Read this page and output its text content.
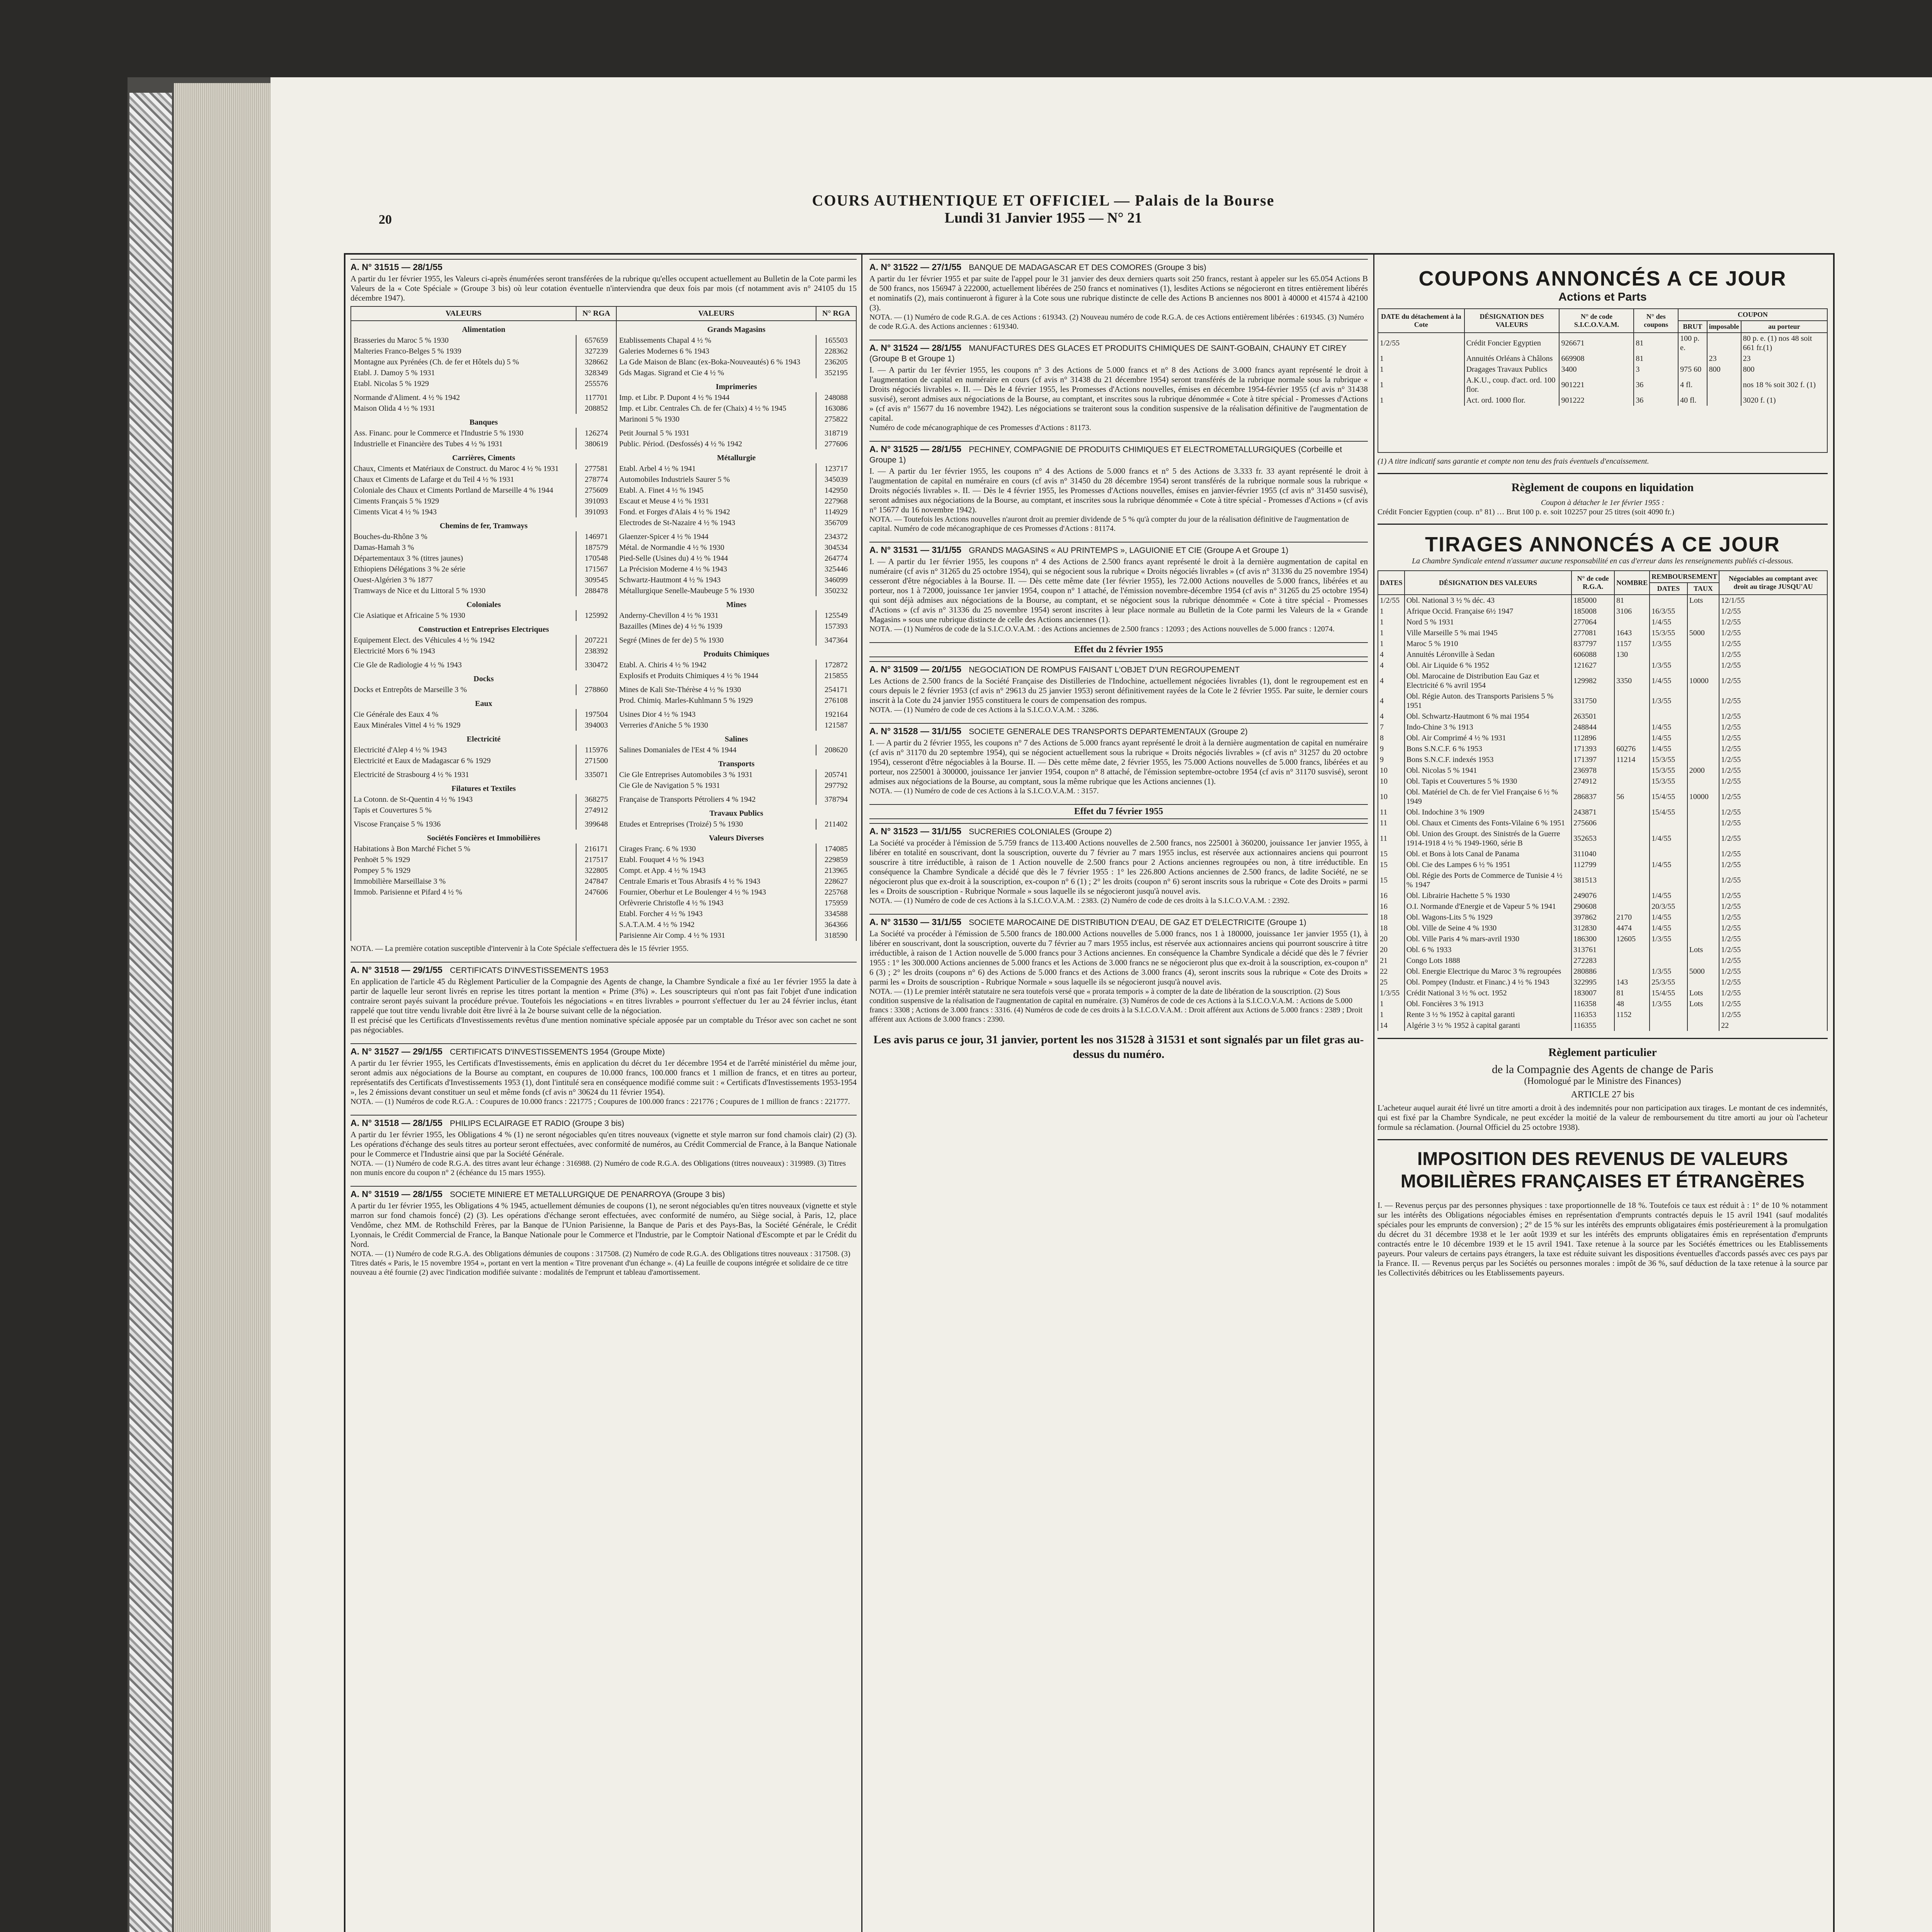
20
COURS AUTHENTIQUE ET OFFICIEL — Palais de la Bourse
Lundi 31 Janvier 1955 — N° 21
A. N° 31515 — 28/1/55
A partir du 1er février 1955, les Valeurs ci-après énumérées seront transférées de la rubrique qu'elles occupent actuellement au Bulletin de la Cote parmi les Valeurs de la « Cote Spéciale » (Groupe 3 bis) où leur cotation éventuelle n'interviendra que deux fois par mois (cf notamment avis n° 24105 du 15 décembre 1947).
VALEURS	N° RGA	VALEURS	N° RGA
Alimentation		Grands Magasins	
Brasseries du Maroc 5 % 1930	657659	Etablissements Chapal 4 ½ %	165503
Malteries Franco-Belges 5 % 1939	327239	Galeries Modernes 6 % 1943	228362
Montagne aux Pyrénées (Ch. de fer et Hôtels du) 5 %	328662	La Gde Maison de Blanc (ex-Boka-Nouveautés) 6 % 1943	236205
Etabl. J. Damoy 5 % 1931	328349	Gds Magas. Sigrand et Cie 4 ½ %	352195
Etabl. Nicolas 5 % 1929	255576	Imprimeries	
Normande d'Aliment. 4 ½ % 1942	117701	Imp. et Libr. P. Dupont 4 ½ % 1944	248088
Maison Olida 4 ½ % 1931	208852	Imp. et Libr. Centrales Ch. de fer (Chaix) 4 ½ % 1945	163086
Banques		Marinoni 5 % 1930	275822
Ass. Financ. pour le Commerce et l'Industrie 5 % 1930	126274	Petit Journal 5 % 1931	318719
Industrielle et Financière des Tubes 4 ½ % 1931	380619	Public. Périod. (Desfossés) 4 ½ % 1942	277606
Carrières, Ciments		Métallurgie	
Chaux, Ciments et Matériaux de Construct. du Maroc 4 ½ % 1931	277581	Etabl. Arbel 4 ½ % 1941	123717
Chaux et Ciments de Lafarge et du Teil 4 ½ % 1931	278774	Automobiles Industriels Saurer 5 %	345039
Coloniale des Chaux et Ciments Portland de Marseille 4 % 1944	275609	Etabl. A. Finet 4 ½ % 1945	142950
Ciments Français 5 % 1929	391093	Escaut et Meuse 4 ½ % 1931	227968
Ciments Vicat 4 ½ % 1943	391093	Fond. et Forges d'Alais 4 ½ % 1942	114929
Chemins de fer, Tramways		Electrodes de St-Nazaire 4 ½ % 1943	356709
Bouches-du-Rhône 3 %	146971	Glaenzer-Spicer 4 ½ % 1944	234372
Damas-Hamah 3 %	187579	Métal. de Normandie 4 ½ % 1930	304534
Départementaux 3 % (titres jaunes)	170548	Pied-Selle (Usines du) 4 ½ % 1944	264774
Ethiopiens Délégations 3 % 2e série	171567	La Précision Moderne 4 ½ % 1943	325446
Ouest-Algérien 3 % 1877	309545	Schwartz-Hautmont 4 ½ % 1943	346099
Tramways de Nice et du Littoral 5 % 1930	288478	Métallurgique Senelle-Maubeuge 5 % 1930	350232
Coloniales		Mines	
Cie Asiatique et Africaine 5 % 1930	125992	Anderny-Chevillon 4 ½ % 1931	125549
Construction et Entreprises Electriques		Bazailles (Mines de) 4 ½ % 1939	157393
Equipement Elect. des Véhicules 4 ½ % 1942	207221	Segré (Mines de fer de) 5 % 1930	347364
Electricité Mors 6 % 1943	238392	Produits Chimiques	
Cie Gle de Radiologie 4 ½ % 1943	330472	Etabl. A. Chiris 4 ½ % 1942	172872
Docks		Explosifs et Produits Chimiques 4 ½ % 1944	215855
Docks et Entrepôts de Marseille 3 %	278860	Mines de Kali Ste-Thérèse 4 ½ % 1930	254171
Eaux		Prod. Chimiq. Marles-Kuhlmann 5 % 1929	276108
Cie Générale des Eaux 4 %	197504	Usines Dior 4 ½ % 1943	192164
Eaux Minérales Vittel 4 ½ % 1929	394003	Verreries d'Aniche 5 % 1930	121587
Electricité		Salines	
Electricité d'Alep 4 ½ % 1943	115976	Salines Domaniales de l'Est 4 % 1944	208620
Electricité et Eaux de Madagascar 6 % 1929	271500	Transports	
Electricité de Strasbourg 4 ½ % 1931	335071	Cie Gle Entreprises Automobiles 3 % 1931	205741
Filatures et Textiles		Cie Gle de Navigation 5 % 1931	297792
La Cotonn. de St-Quentin 4 ½ % 1943	368275	Française de Transports Pétroliers 4 % 1942	378794
Tapis et Couvertures 5 %	274912	Travaux Publics	
Viscose Française 5 % 1936	399648	Etudes et Entreprises (Troizé) 5 % 1930	211402
Sociétés Foncières et Immobilières		Valeurs Diverses	
Habitations à Bon Marché Fichet 5 %	216171	Cirages Franç. 6 % 1930	174085
Penhoët 5 % 1929	217517	Etabl. Fouquet 4 ½ % 1943	229859
Pompey 5 % 1929	322805	Compt. et App. 4 ½ % 1943	213965
Immobilière Marseillaise 3 %	247847	Centrale Emaris et Tous Abrasifs 4 ½ % 1943	228627
Immob. Parisienne et Pifard 4 ½ %	247606	Fournier, Oberhur et Le Boulenger 4 ½ % 1943	225768
		Orfèvrerie Christofle 4 ½ % 1943	175959
		Etabl. Forcher 4 ½ % 1943	334588
		S.A.T.A.M. 4 ½ % 1942	364366
		Parisienne Air Comp. 4 ½ % 1931	318590
NOTA. — La première cotation susceptible d'intervenir à la Cote Spéciale s'effectuera dès le 15 février 1955.
A. N° 31518 — 29/1/55 CERTIFICATS D'INVESTISSEMENTS 1953
En application de l'article 45 du Règlement Particulier de la Compagnie des Agents de change, la Chambre Syndicale a fixé au 1er février 1955 la date à partir de laquelle leur seront livrés en reprise les titres portant la mention « Prime (3%) ». Les souscripteurs qui n'ont pas fait l'objet d'une indication contraire seront payés suivant la procédure prévue. Toutefois les négociations « en titres livrables » pourront s'effectuer du 1er au 24 février inclus, étant rappelé que tout titre vendu livrable doit être livré à la 2e bourse suivant celle de la négociation.
Il est précisé que les Certificats d'Investissements revêtus d'une mention nominative spéciale apposée par un comptable du Trésor avec son cachet ne sont pas négociables.
A. N° 31527 — 29/1/55 CERTIFICATS D'INVESTISSEMENTS 1954 (Groupe Mixte)
A partir du 1er février 1955, les Certificats d'Investissements, émis en application du décret du 1er décembre 1954 et de l'arrêté ministériel du même jour, seront admis aux négociations de la Bourse au comptant, en coupures de 10.000 francs, 100.000 francs et 1 million de francs, et en titres au porteur, représentatifs des Certificats d'Investissements 1953 (1), dont l'intitulé sera en conséquence modifié comme suit : « Certificats d'Investissements 1953-1954 », les 2 émissions devant constituer un seul et même fonds (cf avis n° 30624 du 11 février 1954).
NOTA. — (1) Numéros de code R.G.A. : Coupures de 10.000 francs : 221775 ; Coupures de 100.000 francs : 221776 ; Coupures de 1 million de francs : 221777.
A. N° 31518 — 28/1/55 PHILIPS ECLAIRAGE ET RADIO (Groupe 3 bis)
A partir du 1er février 1955, les Obligations 4 % (1) ne seront négociables qu'en titres nouveaux (vignette et style marron sur fond chamois clair) (2) (3). Les opérations d'échange des seuls titres au porteur seront effectuées, avec conformité de numéros, au Crédit Commercial de France, à la Banque Nationale pour le Commerce et l'Industrie ainsi que par la Société Générale.
NOTA. — (1) Numéro de code R.G.A. des titres avant leur échange : 316988. (2) Numéro de code R.G.A. des Obligations (titres nouveaux) : 319989. (3) Titres non munis encore du coupon n° 2 (échéance du 15 mars 1955).
A. N° 31519 — 28/1/55 SOCIETE MINIERE ET METALLURGIQUE DE PENARROYA (Groupe 3 bis)
A partir du 1er février 1955, les Obligations 4 % 1945, actuellement démunies de coupons (1), ne seront négociables qu'en titres nouveaux (vignette et style marron sur fond chamois foncé) (2) (3). Les opérations d'échange seront effectuées, avec conformité de numéro, au Siège social, à Paris, 12, place Vendôme, chez MM. de Rothschild Frères, par la Banque de l'Union Parisienne, la Banque de Paris et des Pays-Bas, la Société Générale, le Crédit Lyonnais, le Crédit Commercial de France, la Banque Nationale pour le Commerce et l'Industrie, par le Comptoir National d'Escompte et par le Crédit du Nord.
NOTA. — (1) Numéro de code R.G.A. des Obligations démunies de coupons : 317508. (2) Numéro de code R.G.A. des Obligations titres nouveaux : 317508. (3) Titres datés « Paris, le 15 novembre 1954 », portant en vert la mention « Titre provenant d'un échange ». (4) La feuille de coupons intégrée et solidaire de ce titre nouveau a été fournie (2) avec l'indication modifiée suivante : modalités de l'emprunt et tableau d'amortissement.
A. N° 31522 — 27/1/55 BANQUE DE MADAGASCAR ET DES COMORES (Groupe 3 bis)
A partir du 1er février 1955 et par suite de l'appel pour le 31 janvier des deux derniers quarts soit 250 francs, restant à appeler sur les 65.054 Actions B de 500 francs, nos 156947 à 222000, actuellement libérées de 250 francs et nominatives (1), lesdites Actions se négocieront en titres entièrement libérés et nominatifs (2), mais continueront à figurer à la Cote sous une rubrique distincte de celle des Actions B anciennes nos 8001 à 40000 et 41574 à 42100 (3).
NOTA. — (1) Numéro de code R.G.A. de ces Actions : 619343. (2) Nouveau numéro de code R.G.A. de ces Actions entièrement libérées : 619345. (3) Numéro de code R.G.A. des Actions anciennes : 619340.
A. N° 31524 — 28/1/55 MANUFACTURES DES GLACES ET PRODUITS CHIMIQUES DE SAINT-GOBAIN, CHAUNY ET CIREY (Groupe B et Groupe 1)
I. — A partir du 1er février 1955, les coupons n° 3 des Actions de 5.000 francs et n° 8 des Actions de 3.000 francs ayant représenté le droit à l'augmentation de capital en numéraire en cours (cf avis n° 31438 du 21 décembre 1954) seront transférés de la rubrique normale sous la rubrique « Droits négociés livrables ». II. — Dès le 4 février 1955, les Promesses d'Actions nouvelles, émises en décembre 1954-février 1955 (cf avis n° 31438 susvisé), seront admises aux négociations de la Bourse, au comptant, et inscrites sous la rubrique dénommée « Cote à titre spécial - Promesses d'Actions » (cf avis n° 15677 du 16 novembre 1942). Les négociations se traiteront sous la condition suspensive de la réalisation définitive de l'augmentation de capital.
Numéro de code mécanographique de ces Promesses d'Actions : 81173.
A. N° 31525 — 28/1/55 PECHINEY, COMPAGNIE DE PRODUITS CHIMIQUES ET ELECTROMETALLURGIQUES (Corbeille et Groupe 1)
I. — A partir du 1er février 1955, les coupons n° 4 des Actions de 5.000 francs et n° 5 des Actions de 3.333 fr. 33 ayant représenté le droit à l'augmentation de capital en numéraire en cours (cf avis n° 31450 du 28 décembre 1954) seront transférés de la rubrique normale sous la rubrique « Droits négociés livrables ». II. — Dès le 4 février 1955, les Promesses d'Actions nouvelles, émises en janvier-février 1955 (cf avis n° 31450 susvisé), seront admises aux négociations de la Bourse, au comptant, et inscrites sous la rubrique dénommée « Cote à titre spécial - Promesses d'Actions » (cf avis n° 15677 du 16 novembre 1942).
NOTA. — Toutefois les Actions nouvelles n'auront droit au premier dividende de 5 % qu'à compter du jour de la réalisation définitive de l'augmentation de capital. Numéro de code mécanographique de ces Promesses d'Actions : 81174.
A. N° 31531 — 31/1/55 GRANDS MAGASINS « AU PRINTEMPS », LAGUIONIE ET CIE (Groupe A et Groupe 1)
I. — A partir du 1er février 1955, les coupons n° 4 des Actions de 2.500 francs ayant représenté le droit à la dernière augmentation de capital en numéraire (cf avis n° 31265 du 25 octobre 1954), qui se négocient sous la rubrique « Droits négociés livrables » (cf avis n° 31336 du 25 novembre 1954) cesseront d'être négociables à la Bourse. II. — Dès cette même date (1er février 1955), les 72.000 Actions nouvelles de 5.000 francs, libérées et au porteur, nos 1 à 72000, jouissance 1er janvier 1954, coupon n° 1 attaché, de l'émission novembre-décembre 1954 (cf avis n° 31265 du 25 octobre 1954) qui sont déjà admises aux négociations de la Bourse, au comptant, et se négocient sous la rubrique dénommée « Cote à titre spécial - Promesses d'Actions » (cf avis n° 31336 du 25 novembre 1954) seront inscrites à leur place normale au Bulletin de la Cote parmi les Valeurs de la « Grande Magasins » sous une rubrique distincte de celle des Actions anciennes (1).
NOTA. — (1) Numéros de code de la S.I.C.O.V.A.M. : des Actions anciennes de 2.500 francs : 12093 ; des Actions nouvelles de 5.000 francs : 12074.
Effet du 2 février 1955
A. N° 31509 — 20/1/55 NEGOCIATION DE ROMPUS FAISANT L'OBJET D'UN REGROUPEMENT
Les Actions de 2.500 francs de la Société Française des Distilleries de l'Indochine, actuellement négociées livrables (1), dont le regroupement est en cours depuis le 2 février 1953 (cf avis n° 29613 du 25 janvier 1953) seront définitivement rayées de la Cote le 2 février 1955. Par suite, le dernier cours inscrit à la Cote du 24 janvier 1955 constituera le cours de compensation des rompus.
NOTA. — (1) Numéro de code de ces Actions à la S.I.C.O.V.A.M. : 3286.
A. N° 31528 — 31/1/55 SOCIETE GENERALE DES TRANSPORTS DEPARTEMENTAUX (Groupe 2)
I. — A partir du 2 février 1955, les coupons n° 7 des Actions de 5.000 francs ayant représenté le droit à la dernière augmentation de capital en numéraire (cf avis n° 31170 du 20 septembre 1954), qui se négocient actuellement sous la rubrique « Droits négociés livrables » (cf avis n° 31257 du 20 octobre 1954), cesseront d'être négociables à la Bourse. II. — Dès cette même date, 2 février 1955, les 75.000 Actions nouvelles de 5.000 francs, libérées et au porteur, nos 225001 à 300000, jouissance 1er janvier 1954, coupon n° 8 attaché, de l'émission septembre-octobre 1954 (cf avis n° 31170 susvisé), seront admises aux négociations de la Bourse, au comptant, sous la même rubrique que les Actions anciennes (1).
NOTA. — (1) Numéro de code de ces Actions à la S.I.C.O.V.A.M. : 3157.
Effet du 7 février 1955
A. N° 31523 — 31/1/55 SUCRERIES COLONIALES (Groupe 2)
La Société va procéder à l'émission de 5.759 francs de 113.400 Actions nouvelles de 2.500 francs, nos 225001 à 360200, jouissance 1er janvier 1955, à libérer en totalité en souscrivant, dont la souscription, ouverte du 7 février au 7 mars 1955 inclus, est réservée aux actionnaires anciens qui pourront souscrire à titre irréductible, à raison de 1 Action nouvelle de 2.500 francs pour 2 Actions anciennes regroupées ou non, à titre irréductible. En conséquence la Chambre Syndicale a décidé que dès le 7 février 1955 : 1° les 226.800 Actions anciennes de 2.500 francs, de ladite Société, ne se négocieront plus que ex-droit à la souscription, ex-coupon n° 6 (1) ; 2° les droits (coupon n° 6) seront inscrits sous la rubrique « Cote des Droits » parmi les « Droits de souscription - Rubrique Normale » sous laquelle ils se négocieront jusqu'à nouvel avis.
NOTA. — (1) Numéro de code de ces Actions à la S.I.C.O.V.A.M. : 2383. (2) Numéro de code de ces droits à la S.I.C.O.V.A.M. : 2392.
A. N° 31530 — 31/1/55 SOCIETE MAROCAINE DE DISTRIBUTION D'EAU, DE GAZ ET D'ELECTRICITE (Groupe 1)
La Société va procéder à l'émission de 5.500 francs de 180.000 Actions nouvelles de 5.000 francs, nos 1 à 180000, jouissance 1er janvier 1955 (1), à libérer en souscrivant, dont la souscription, ouverte du 7 février au 7 mars 1955 inclus, est réservée aux actionnaires anciens qui pourront souscrire à titre irréductible, à raison de 1 Action nouvelle de 5.000 francs pour 3 Actions anciennes. En conséquence la Chambre Syndicale a décidé que dès le 7 février 1955 : 1° les 300.000 Actions anciennes de 5.000 francs et les Actions de 3.000 francs ne se négocieront plus que ex-droit à la souscription, ex-coupon n° 6 (3) ; 2° les droits (coupons n° 6) des Actions de 5.000 francs et des Actions de 3.000 francs (4), seront inscrits sous la rubrique « Cote des Droits » parmi les « Droits de souscription - Rubrique Normale » sous laquelle ils se négocieront jusqu'à nouvel avis.
NOTA. — (1) Le premier intérêt statutaire ne sera toutefois versé que « prorata temporis » à compter de la date de libération de la souscription. (2) Sous condition suspensive de la réalisation de l'augmentation de capital en numéraire. (3) Numéros de code de ces Actions à la S.I.C.O.V.A.M. : Actions de 5.000 francs : 3308 ; Actions de 3.000 francs : 3316. (4) Numéros de code de ces droits à la S.I.C.O.V.A.M. : Droit afférent aux Actions de 5.000 francs : 2389 ; Droit afférent aux Actions de 3.000 francs : 2390.
Les avis parus ce jour, 31 janvier, portent les nos 31528 à 31531 et sont signalés par un filet gras au-dessus du numéro.
COUPONS ANNONCÉS A CE JOUR
Actions et Parts
DATE du détachement à la Cote	DÉSIGNATION DES VALEURS	N° de code S.I.C.O.V.A.M.	N° des coupons	COUPON		
				BRUT	imposable	au porteur
1/2/55	Crédit Foncier Egyptien	926671	81	100 p. e.		80 p. e. (1) nos 48 soit 661 fr.(1)
1	Annuités Orléans à Châlons	669908	81		23	23
1	Dragages Travaux Publics	3400	3	975 60	800	800
1	A.K.U., coup. d'act. ord. 100 flor.	901221	36	4 fl.		nos 18 % soit 302 f. (1)
1	Act. ord. 1000 flor.	901222	36	40 fl.		3020 f. (1)
(1) A titre indicatif sans garantie et compte non tenu des frais éventuels d'encaissement.
Règlement de coupons en liquidation
Coupon à détacher le 1er février 1955 :
Crédit Foncier Egyptien (coup. n° 81) … Brut 100 p. e. soit 102257 pour 25 titres (soit 4090 fr.)
TIRAGES ANNONCÉS A CE JOUR
La Chambre Syndicale entend n'assumer aucune responsabilité en cas d'erreur dans les renseignements publiés ci-dessous.
DATES	DÉSIGNATION DES VALEURS	N° de code R.G.A.	NOMBRE	REMBOURSEMENT		Négociables au comptant avec droit au tirage JUSQU'AU
				DATES	TAUX	
1/2/55	Obl. National 3 ½ % déc. 43	185000	81		Lots	12/1/55
1	Afrique Occid. Française 6½ 1947	185008	3106	16/3/55		1/2/55
1	Nord 5 % 1931	277064		1/4/55		1/2/55
1	Ville Marseille 5 % mai 1945	277081	1643	15/3/55	5000	1/2/55
1	Maroc 5 % 1910	837797	1157	1/3/55		1/2/55
4	Annuités Léronville à Sedan	606088	130			1/2/55
4	Obl. Air Liquide 6 % 1952	121627		1/3/55		1/2/55
4	Obl. Marocaine de Distribution Eau Gaz et Electricité 6 % avril 1954	129982	3350	1/4/55	10000	1/2/55
4	Obl. Régie Auton. des Transports Parisiens 5 % 1951	331750		1/3/55		1/2/55
4	Obl. Schwartz-Hautmont 6 % mai 1954	263501				1/2/55
7	Indo-Chine 3 % 1913	248844		1/4/55		1/2/55
8	Obl. Air Comprimé 4 ½ % 1931	112896		1/4/55		1/2/55
9	Bons S.N.C.F. 6 % 1953	171393	60276	1/4/55		1/2/55
9	Bons S.N.C.F. indexés 1953	171397	11214	15/3/55		1/2/55
10	Obl. Nicolas 5 % 1941	236978		15/3/55	2000	1/2/55
10	Obl. Tapis et Couvertures 5 % 1930	274912		15/3/55		1/2/55
10	Obl. Matériel de Ch. de fer Viel Française 6 ½ % 1949	286837	56	15/4/55	10000	1/2/55
11	Obl. Indochine 3 % 1909	243871		15/4/55		1/2/55
11	Obl. Chaux et Ciments des Fonts-Vilaine 6 % 1951	275606				1/2/55
11	Obl. Union des Groupt. des Sinistrés de la Guerre 1914-1918 4 ½ % 1949-1960, série B	352653		1/4/55		1/2/55
15	Obl. et Bons à lots Canal de Panama	311040				1/2/55
15	Obl. Cie des Lampes 6 ½ % 1951	112799		1/4/55		1/2/55
15	Obl. Régie des Ports de Commerce de Tunisie 4 ½ % 1947	381513				1/2/55
16	Obl. Librairie Hachette 5 % 1930	249076		1/4/55		1/2/55
16	O.I. Normande d'Energie et de Vapeur 5 % 1941	290608		20/3/55		1/2/55
18	Obl. Wagons-Lits 5 % 1929	397862	2170	1/4/55		1/2/55
18	Obl. Ville de Seine 4 % 1930	312830	4474	1/4/55		1/2/55
20	Obl. Ville Paris 4 % mars-avril 1930	186300	12605	1/3/55		1/2/55
20	Obl. 6 % 1933	313761			Lots	1/2/55
21	Congo Lots 1888	272283				1/2/55
22	Obl. Energie Electrique du Maroc 3 % regroupées	280886		1/3/55	5000	1/2/55
25	Obl. Pompey (Industr. et Financ.) 4 ½ % 1943	322995	143	25/3/55		1/2/55
1/3/55	Crédit National 3 ½ % oct. 1952	183007	81	15/4/55	Lots	1/2/55
1	Obl. Foncières 3 % 1913	116358	48	1/3/55	Lots	1/2/55
1	Rente 3 ½ % 1952 à capital garanti	116353	1152			1/2/55
14	Algérie 3 ½ % 1952 à capital garanti	116355				22
Règlement particulier
de la Compagnie des Agents de change de Paris
(Homologué par le Ministre des Finances)
ARTICLE 27 bis
L'acheteur auquel aurait été livré un titre amorti a droit à des indemnités pour non participation aux tirages. Le montant de ces indemnités, qui est fixé par la Chambre Syndicale, ne peut excéder la moitié de la valeur de remboursement du titre amorti au jour où l'acheteur formule sa réclamation. (Journal Officiel du 25 octobre 1938).
IMPOSITION DES REVENUS DE VALEURS MOBILIÈRES FRANÇAISES ET ÉTRANGÈRES
I. — Revenus perçus par des personnes physiques : taxe proportionnelle de 18 %. Toutefois ce taux est réduit à : 1° de 10 % notamment sur les intérêts des Obligations négociables émises en représentation d'emprunts contractés depuis le 15 avril 1941 (sauf modalités spéciales pour les emprunts de conversion) ; 2° de 15 % sur les intérêts des emprunts obligataires émis postérieurement à la promulgation du décret du 31 décembre 1938 et le 1er août 1939 et sur les intérêts des emprunts obligataires émis en représentation d'emprunts contractés entre le 10 décembre 1939 et le 15 avril 1941. Taxe retenue à la source par les Sociétés émettrices ou les Etablissements payeurs. Pour valeurs de certains pays étrangers, la taxe est réduite suivant les dispositions éventuelles d'accords passés avec ces pays par la France. II. — Revenus perçus par les Sociétés ou personnes morales : impôt de 36 %, sauf déduction de la taxe retenue à la source par les Collectivités débitrices ou les Etablissements payeurs.
